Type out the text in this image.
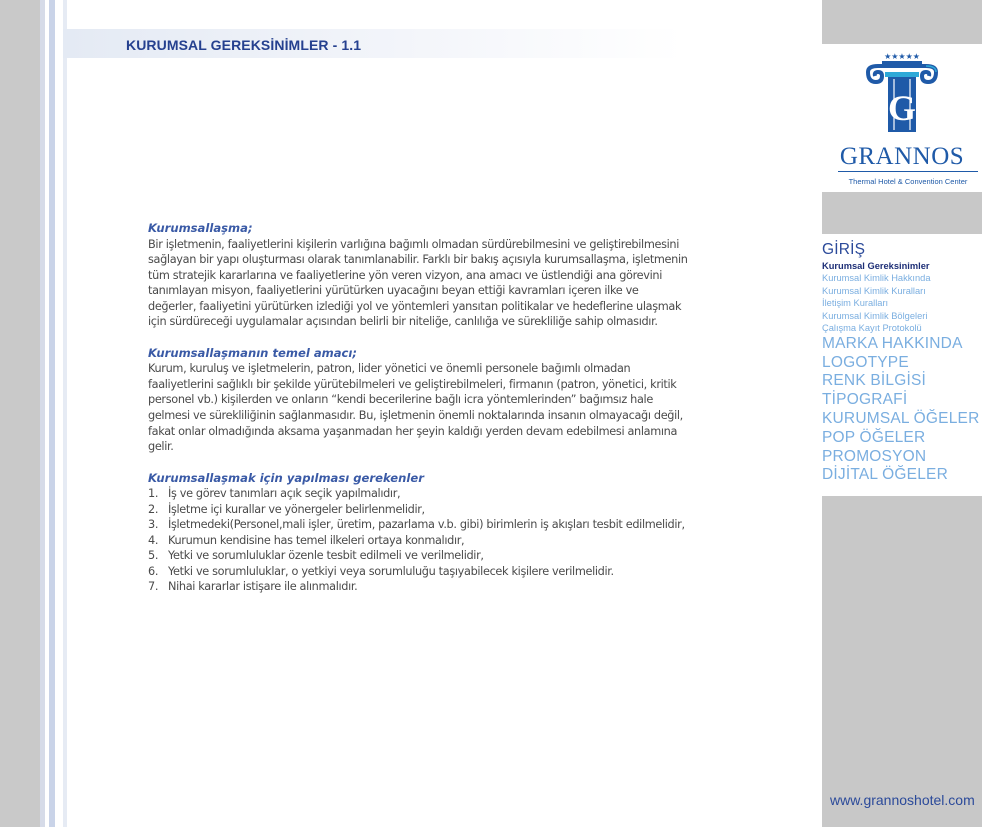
KURUMSAL GEREKSİNİMLER - 1.1

Kurumsallaşma;

Bir işletmenin, faaliyetlerini kişilerin varlığına bağımlı olmadan sürdürebilmesini ve geliştirebilmesini
sağlayan bir yapı oluşturması olarak tanımlanabilir. Farklı bir bakış açısıyla kurumsallaşma, işletmenin
tüm stratejik kararlarına ve faaliyetlerine yön veren vizyon, ana amacı ve üstlendiği ana görevini
tanımlayan misyon, faaliyetlerini yürütürken uyacağını beyan ettiği kavramları içeren ilke ve
değerler, faaliyetini yürütürken izlediği yol ve yöntemleri yansıtan politikalar ve hedeflerine ulaşmak
için sürdüreceği uygulamalar açısından belirli bir niteliğe, canlılığa ve sürekliliğe sahip olmasıdır.

Kurumsallaşmanın temel amacı;

Kurum, kuruluş ve işletmelerin, patron, lider yönetici ve önemli personele bağımlı olmadan
faaliyetlerini sağlıklı bir şekilde yürütebilmeleri ve geliştirebilmeleri, firmanın (patron, yönetici, kritik
personel vb.) kişilerden ve onların “kendi becerilerine bağlı icra yöntemlerinden” bağımsız hale
gelmesi ve sürekliliğinin sağlanmasıdır. Bu, işletmenin önemli noktalarında insanın olmayacağı değil,
fakat onlar olmadığında aksama yaşanmadan her şeyin kaldığı yerden devam edebilmesi anlamına
gelir.

Kurumsallaşmak için yapılması gerekenler

1. İş ve görev tanımları açık seçik yapılmalıdır,
2. İşletme içi kurallar ve yönergeler belirlenmelidir,
3. İşletmedeki(Personel,mali işler, üretim, pazarlama v.b. gibi) birimlerin iş akışları tesbit edilmelidir,
4. Kurumun kendisine has temel ilkeleri ortaya konmalıdır,
5. Yetki ve sorumluluklar özenle tesbit edilmeli ve verilmelidir,
6. Yetki ve sorumluluklar, o yetkiyi veya sorumluluğu taşıyabilecek kişilere verilmelidir.
7. Nihai kararlar istişare ile alınmalıdır.
★★★★★
G
GRANNOS
Thermal Hotel & Convention Center
GİRİŞ
Kurumsal Gereksinimler
Kurumsal Kimlik Hakkında
Kurumsal Kimlik Kuralları
İletişim Kuralları
Kurumsal Kimlik Bölgeleri
Çalışma Kayıt Protokolü
MARKA HAKKINDA
LOGOTYPE
RENK BİLGİSİ
TİPOGRAFİ
KURUMSAL ÖĞELER
POP ÖĞELER
PROMOSYON
DİJİTAL ÖĞELER
www.grannoshotel.com
